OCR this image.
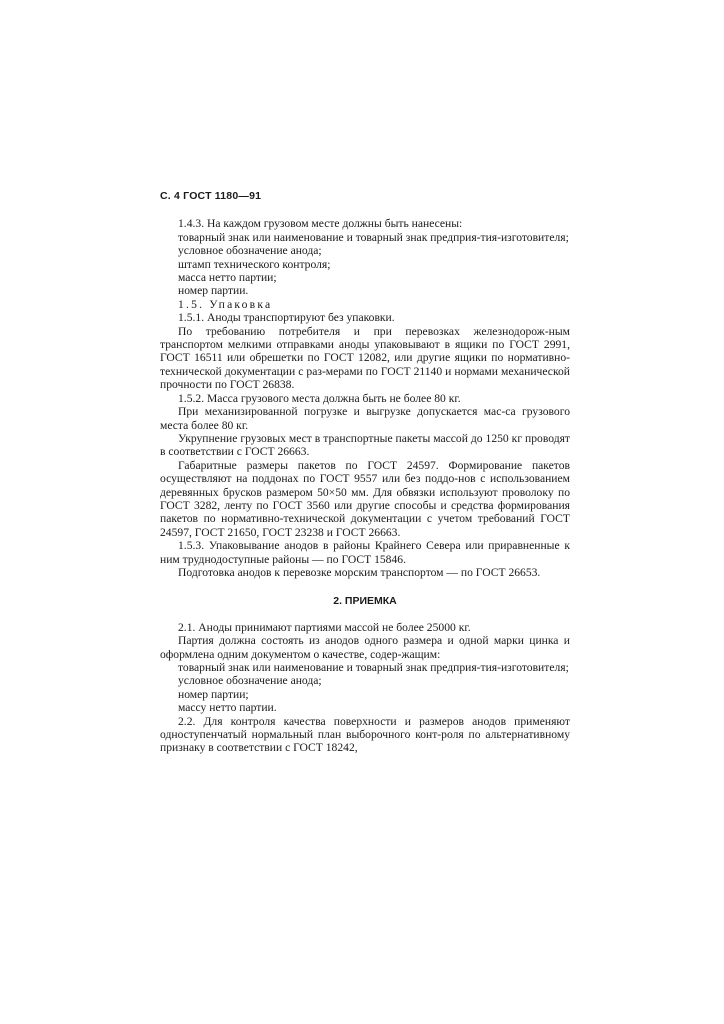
С. 4 ГОСТ 1180—91

1.4.3. На каждом грузовом месте должны быть нанесены:

товарный знак или наименование и товарный знак предприя-тия-изготовителя;

условное обозначение анода;

штамп технического контроля;

масса нетто партии;

номер партии.

1.5. Упаковка

1.5.1. Аноды транспортируют без упаковки.

По требованию потребителя и при перевозках железнодорож-ным транспортом мелкими отправками аноды упаковывают в ящики по ГОСТ 2991, ГОСТ 16511 или обрешетки по ГОСТ 12082, или другие ящики по нормативно-технической документации с раз-мерами по ГОСТ 21140 и нормами механической прочности по ГОСТ 26838.

1.5.2. Масса грузового места должна быть не более 80 кг.

При механизированной погрузке и выгрузке допускается мас-са грузового места более 80 кг.

Укрупнение грузовых мест в транспортные пакеты массой до 1250 кг проводят в соответствии с ГОСТ 26663.

Габаритные размеры пакетов по ГОСТ 24597. Формирование пакетов осуществляют на поддонах по ГОСТ 9557 или без поддо-нов с использованием деревянных брусков размером 50×50 мм. Для обвязки используют проволоку по ГОСТ 3282, ленту по ГОСТ 3560 или другие способы и средства формирования пакетов по нормативно-технической документации с учетом требований ГОСТ 24597, ГОСТ 21650, ГОСТ 23238 и ГОСТ 26663.

1.5.3. Упаковывание анодов в районы Крайнего Севера или приравненные к ним труднодоступные районы — по ГОСТ 15846.

Подготовка анодов к перевозке морским транспортом — по ГОСТ 26653.

2. ПРИЕМКА

2.1. Аноды принимают партиями массой не более 25000 кг.

Партия должна состоять из анодов одного размера и одной марки цинка и оформлена одним документом о качестве, содер-жащим:

товарный знак или наименование и товарный знак предприя-тия-изготовителя;

условное обозначение анода;

номер партии;

массу нетто партии.

2.2. Для контроля качества поверхности и размеров анодов применяют одноступенчатый нормальный план выборочного конт-роля по альтернативному признаку в соответствии с ГОСТ 18242,
